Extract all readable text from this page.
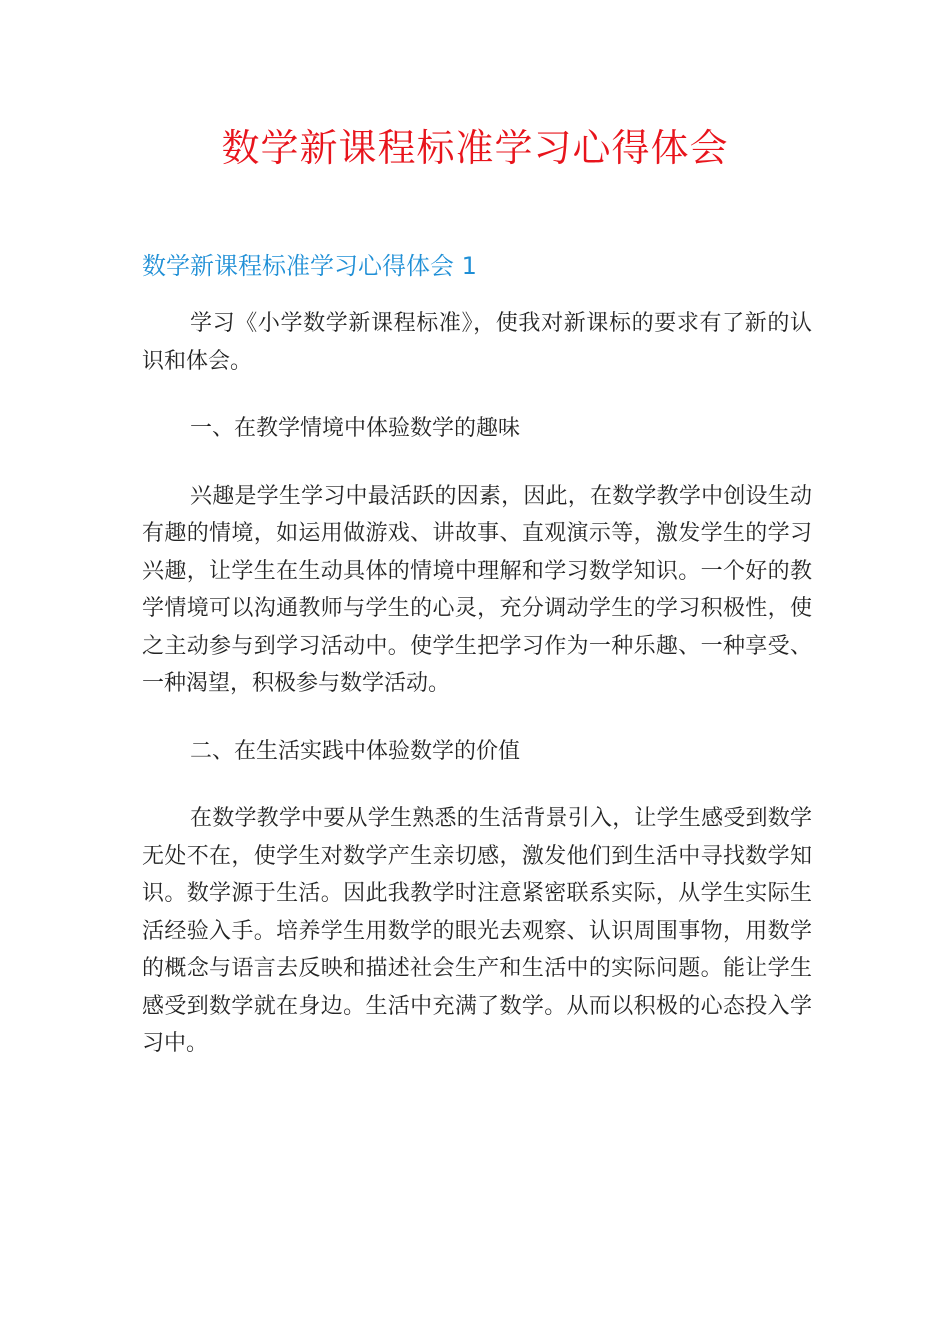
数学新课程标准学习心得体会
数学新课程标准学习心得体会 1

学习《小学数学新课程标准》，使我对新课标的要求有了新的认识和体会。

一、在教学情境中体验数学的趣味

兴趣是学生学习中最活跃的因素，因此，在数学教学中创设生动有趣的情境，如运用做游戏、讲故事、直观演示等，激发学生的学习兴趣，让学生在生动具体的情境中理解和学习数学知识。一个好的教学情境可以沟通教师与学生的心灵，充分调动学生的学习积极性，使之主动参与到学习活动中。使学生把学习作为一种乐趣、一种享受、一种渴望，积极参与数学活动。

二、在生活实践中体验数学的价值

在数学教学中要从学生熟悉的生活背景引入，让学生感受到数学无处不在，使学生对数学产生亲切感，激发他们到生活中寻找数学知识。数学源于生活。因此我教学时注意紧密联系实际，从学生实际生活经验入手。培养学生用数学的眼光去观察、认识周围事物，用数学的概念与语言去反映和描述社会生产和生活中的实际问题。能让学生感受到数学就在身边。生活中充满了数学。从而以积极的心态投入学习中。
